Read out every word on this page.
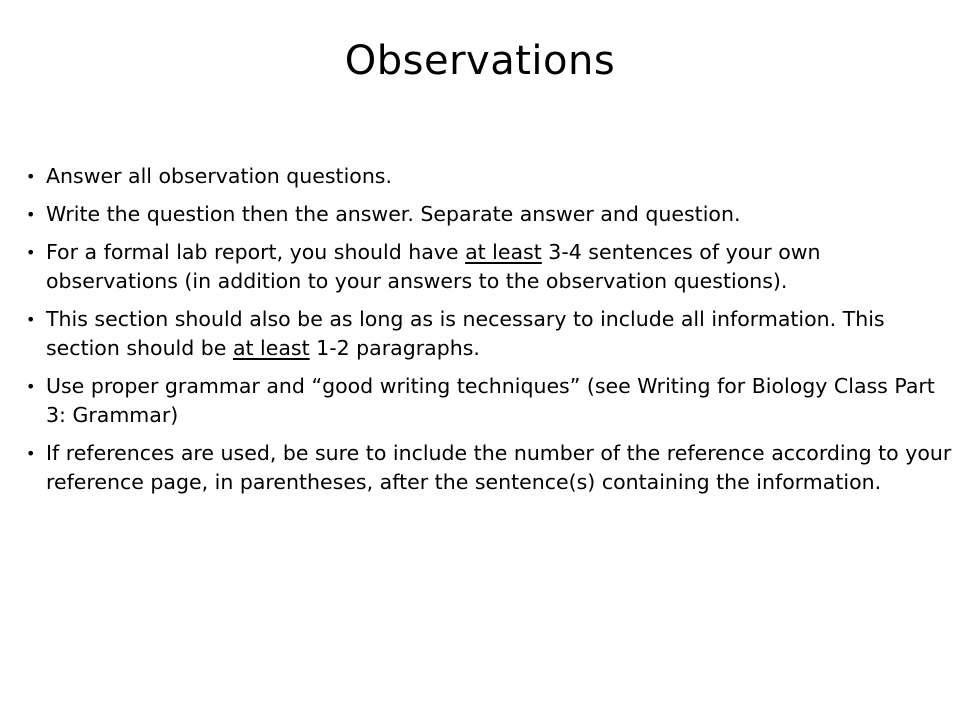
Observations
• Answer all observation questions.
• Write the question then the answer. Separate answer and question.
• For a formal lab report, you should have at least 3-4 sentences of your own observations (in addition to your answers to the observation questions).
• This section should also be as long as is necessary to include all information. This section should be at least 1-2 paragraphs.
• Use proper grammar and “good writing techniques” (see Writing for Biology Class Part 3: Grammar)
• If references are used, be sure to include the number of the reference according to your reference page, in parentheses, after the sentence(s) containing the information.
